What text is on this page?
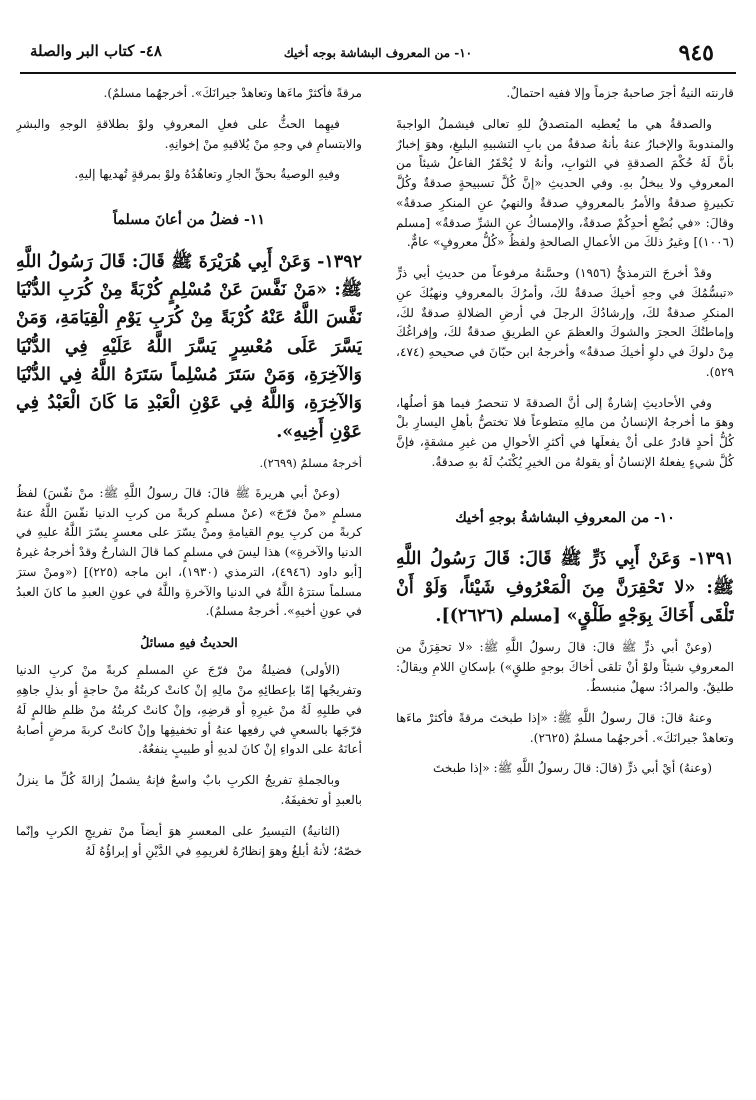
٩٤٥
١٠- من المعروف البشاشة بوجه أخيك
٤٨- كتاب البر والصلة

قارنته النيةُ أجرَ صاحبهُ جزماً وإلا ففيه احتمالٌ.

والصدقةُ هي ما يُعطيه المتصدقُ للهِ تعالى فيشملُ الواجبةَ والمندوبةَ والإخبارُ عنهُ بأنهُ صدقةٌ من بابِ التشبيهِ البليغِ، وهوَ إخبارٌ بأنَّ لَهُ حُكْمَ الصدقةِ في الثوابِ، وأنهُ لا يُحْقَرُ الفاعلُ شيئاً من المعروفِ ولا يبخلُ بهِ. وفي الحديثِ «إنَّ كُلَّ تسبيحةٍ صدقةٌ وكُلَّ تكبيرةٍ صدقةٌ والأمرُ بالمعروفِ صدقةٌ والنهيُ عنِ المنكرِ صدقةٌ» وقالَ: «في بُضْعِ أحدِكُمْ صدقةٌ، والإمساكُ عنِ الشرِّ صدقةٌ» [مسلم (١٠٠٦)] وغيرُ ذلكَ من الأعمالِ الصالحةِ ولفظُ «كُلُّ معروفٍ» عامٌّ.

وقدْ أخرجَ الترمذيُّ (١٩٥٦) وحسَّنهُ مرفوعاً من حديثِ أبي ذرٍّ «تبسُّمُكَ في وجهِ أخيكَ صدقةٌ لكَ، وأمرُكَ بالمعروفِ ونهيُكَ عنِ المنكرِ صدقةٌ لكَ، وإرشادُكَ الرجلَ في أرضِ الضلالةِ صدقةٌ لكَ، وإماطتُكَ الحجرَ والشوكَ والعظمَ عنِ الطريقِ صدقةٌ لكَ، وإفراغُكَ مِنْ دلوكَ في دلوِ أخيكَ صدقةٌ» وأخرجهُ ابن حبّانَ في صحيحهِ (٤٧٤، ٥٢٩).

وفي الأحاديثِ إشارةٌ إلى أنَّ الصدقةَ لا تنحصرُ فيما هوَ أصلُها، وهوَ ما أخرجهُ الإنسانُ من مالِهِ متطوعاً فلا تختصُّ بأهلِ اليسارِ بلْ كُلُّ أحدٍ قادرٌ على أنْ يفعلَها في أكثرِ الأحوالِ من غيرِ مشقةٍ، فإنَّ كُلَّ شيءٍ يفعلهُ الإنسانُ أو يقولهُ من الخيرِ يُكْتَبُ لَهُ بهِ صدقةٌ.

١٠- من المعروفِ البشاشةُ بوجهِ أخيك

١٣٩١- وَعَنْ أَبِي ذَرٍّ ﷺ قَالَ: قَالَ رَسُولُ اللَّهِ ﷺ: «لا تَحْقِرَنَّ مِنَ الْمَعْرُوفِ شَيْئاً، وَلَوْ أَنْ تَلْقَى أَخَاكَ بِوَجْهٍ طَلْقٍ» [مسلم (٢٦٢٦)].

(وعنْ أبي ذرٍّ ﷺ قالَ: قالَ رسولُ اللَّهِ ﷺ: «لا تحقِرَنَّ من المعروفِ شيئاً ولوْ أنْ تلقى أخاكَ بوجهٍ طلقٍ») بإسكانِ اللامِ ويقالُ: طليقٌ. والمرادُ: سهلٌ منبسطٌ.

وعنهُ قالَ: قالَ رسولُ اللَّهِ ﷺ: «إذا طبختَ مرقةً فأكثرْ ماءَها وتعاهدْ جيرانَكَ». أخرجهُما مسلمٌ (٢٦٢٥).

(وعنهُ) أيْ أبي ذرٍّ (قالَ: قالَ رسولُ اللَّهِ ﷺ: «إذا طبختَ

مرقةً فأكثرْ ماءَها وتعاهدْ جيرانَكَ». أخرجهُما مسلمٌ).

فيهِما الحثُّ على فعلِ المعروفِ ولوْ بطلاقةِ الوجهِ والبشرِ والابتسامِ في وجهِ منْ يُلاقيهِ منْ إخوانِهِ.

وفيهِ الوصيةُ بحقِّ الجارِ وتعاهُدُهُ ولوْ بمرقةٍ تُهديها إليهِ.

١١- فضلُ من أعانَ مسلماً

١٣٩٢- وَعَنْ أَبِي هُرَيْرَةَ ﷺ قَالَ: قَالَ رَسُولُ اللَّهِ ﷺ: «مَنْ نَفَّسَ عَنْ مُسْلِمٍ كُرْبَةً مِنْ كُرَبِ الدُّنْيَا نَفَّسَ اللَّهُ عَنْهُ كُرْبَةً مِنْ كُرَبِ يَوْمِ الْقِيَامَةِ، وَمَنْ يَسَّرَ عَلَى مُعْسِرٍ يَسَّرَ اللَّهُ عَلَيْهِ فِي الدُّنْيَا وَالآخِرَةِ، وَمَنْ سَتَرَ مُسْلِماً سَتَرَهُ اللَّهُ فِي الدُّنْيَا وَالآخِرَةِ، وَاللَّهُ فِي عَوْنِ الْعَبْدِ مَا كَانَ الْعَبْدُ فِي عَوْنِ أَخِيهِ».

أخرجهُ مسلمٌ (٢٦٩٩).

(وعنْ أبي هريرةَ ﷺ قالَ: قالَ رسولُ اللَّهِ ﷺ: منْ نفّسَ) لفظُ مسلمٍ «منْ فرّجَ» (عنْ مسلمٍ كربةً من كربِ الدنيا نفّسَ اللَّهُ عنهُ كربةً من كربِ يومِ القيامةِ ومنْ يسّرَ على معسرٍ يسّرَ اللَّهُ عليهِ في الدنيا والآخرةِ») هذا ليسَ في مسلمٍ كما قالَ الشارحُ وقدْ أخرجهُ غيرهُ [أبو داود (٤٩٤٦)، الترمذي (١٩٣٠)، ابن ماجه (٢٢٥)] («ومنْ سترَ مسلماً سترَهُ اللَّهُ في الدنيا والآخرةِ واللَّهُ في عونِ العبدِ ما كانَ العبدُ في عونِ أخيهِ». أخرجهُ مسلمٌ).

الحديثُ فيهِ مسائلُ

(الأولى) فضيلةُ منْ فرّجَ عنِ المسلمِ كربةً منْ كربِ الدنيا وتفريجُها إمّا بإعطائِهِ منْ مالِهِ إنْ كانتْ كربتُهُ منْ حاجةٍ أو بذلِ جاهِهِ في طلبِهِ لَهُ منْ غيرِهِ أو قرضِهِ، وإنْ كانتْ كربتُهُ منْ ظلمِ ظالمٍ لَهُ فرّجَها بالسعيِ في رفعِها عنهُ أو تخفيفِها وإنْ كانتْ كربةَ مرضٍ أصابهُ أعانَهُ على الدواءِ إنْ كانَ لديهِ أو طبيبٍ ينفعُهُ.

وبالجملةِ تفريجُ الكربِ بابٌ واسعٌ فإنهُ يشملُ إزالةَ كُلِّ ما ينزلُ بالعبدِ أو تخفيفَهُ.

(الثانيةُ) التيسيرُ على المعسرِ هوَ أيضاً منْ تفريجِ الكربِ وإنّما خصّهُ؛ لأنهُ أبلغُ وهوَ إنظارُهُ لغريمِهِ في الدَّيْنِ أو إبراؤُهُ لَهُ
